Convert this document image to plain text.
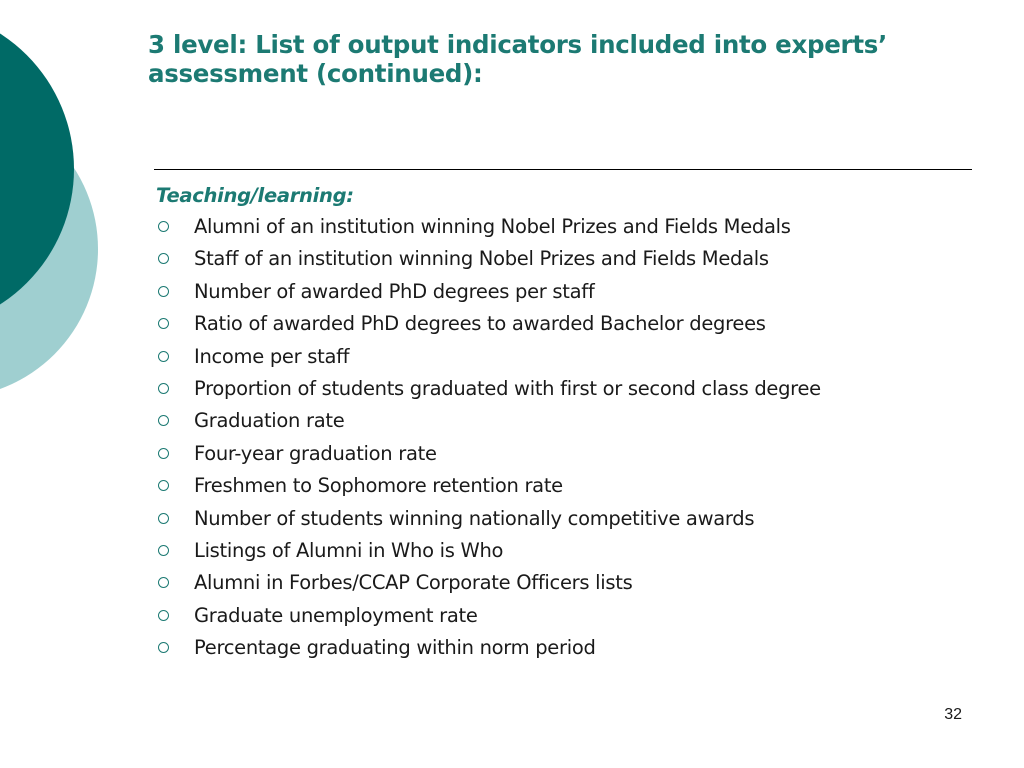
3 level: List of output indicators included into experts’ assessment (continued):

Teaching/learning:

Alumni of an institution winning Nobel Prizes and Fields Medals
Staff of an institution winning Nobel Prizes and Fields Medals
Number of awarded PhD degrees per staff
Ratio of awarded PhD degrees to awarded Bachelor degrees
Income per staff
Proportion of students graduated with first or second class degree
Graduation rate
Four-year graduation rate
Freshmen to Sophomore retention rate
Number of students winning nationally competitive awards
Listings of Alumni in Who is Who
Alumni in Forbes/CCAP Corporate Officers lists
Graduate unemployment rate
Percentage graduating within norm period
32
